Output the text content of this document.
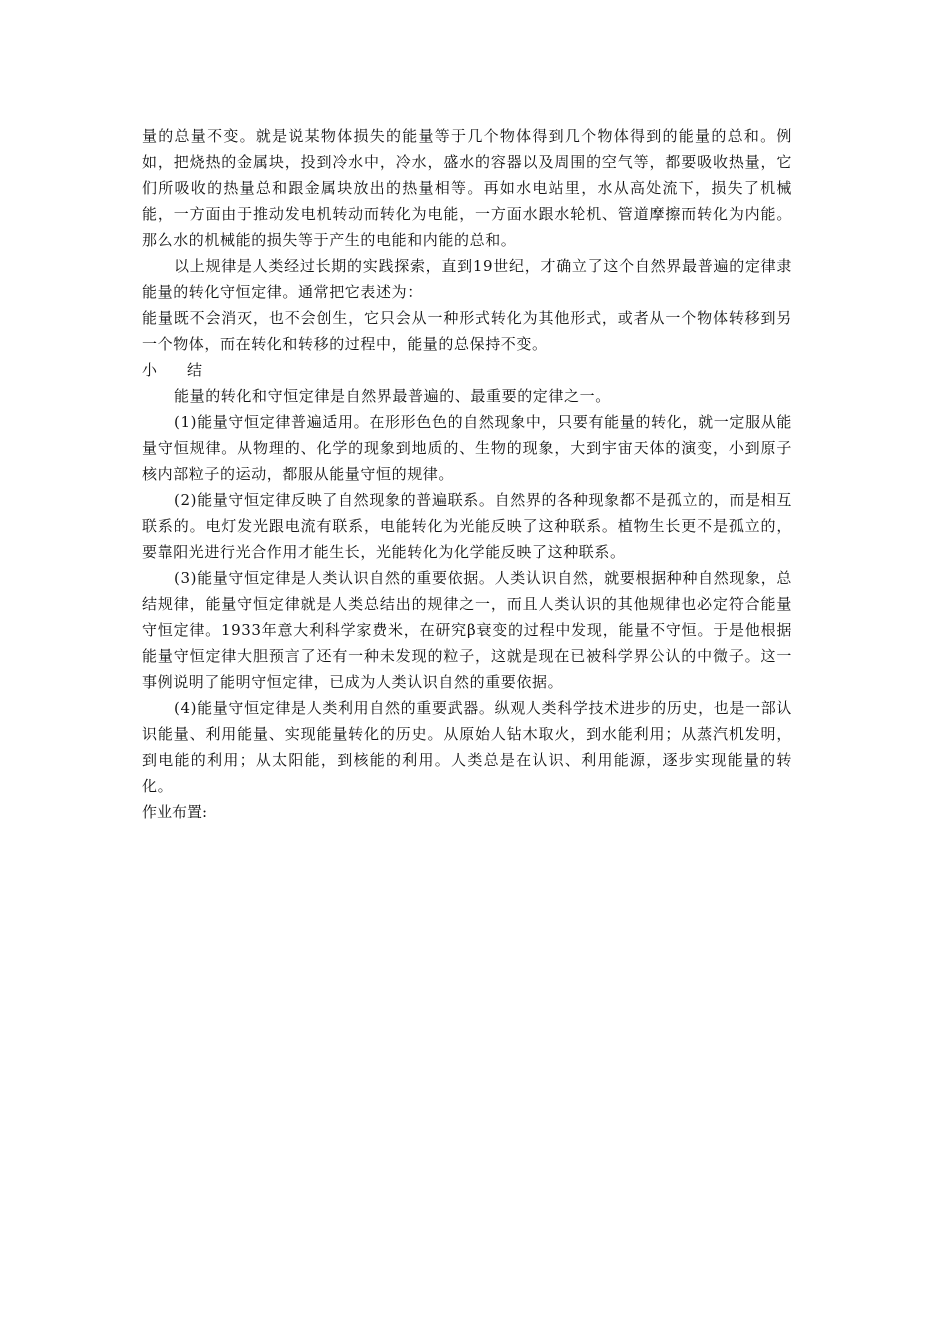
量的总量不变。就是说某物体损失的能量等于几个物体得到几个物体得到的能量的总和。例如，把烧热的金属块，投到冷水中，冷水，盛水的容器以及周围的空气等，都要吸收热量，它们所吸收的热量总和跟金属块放出的热量相等。再如水电站里，水从高处流下，损失了机械能，一方面由于推动发电机转动而转化为电能，一方面水跟水轮机、管道摩擦而转化为内能。那么水的机械能的损失等于产生的电能和内能的总和。

以上规律是人类经过长期的实践探索，直到19世纪，才确立了这个自然界最普遍的定律隶能量的转化守恒定律。通常把它表述为：

能量既不会消灭，也不会创生，它只会从一种形式转化为其他形式，或者从一个物体转移到另一个物体，而在转化和转移的过程中，能量的总保持不变。

小 结

能量的转化和守恒定律是自然界最普遍的、最重要的定律之一。

(1)能量守恒定律普遍适用。在形形色色的自然现象中，只要有能量的转化，就一定服从能量守恒规律。从物理的、化学的现象到地质的、生物的现象，大到宇宙天体的演变，小到原子核内部粒子的运动，都服从能量守恒的规律。

(2)能量守恒定律反映了自然现象的普遍联系。自然界的各种现象都不是孤立的，而是相互联系的。电灯发光跟电流有联系，电能转化为光能反映了这种联系。植物生长更不是孤立的，要靠阳光进行光合作用才能生长，光能转化为化学能反映了这种联系。

(3)能量守恒定律是人类认识自然的重要依据。人类认识自然，就要根据种种自然现象，总结规律，能量守恒定律就是人类总结出的规律之一，而且人类认识的其他规律也必定符合能量守恒定律。1933年意大利科学家费米，在研究β衰变的过程中发现，能量不守恒。于是他根据能量守恒定律大胆预言了还有一种未发现的粒子，这就是现在已被科学界公认的中微子。这一事例说明了能明守恒定律，已成为人类认识自然的重要依据。

(4)能量守恒定律是人类利用自然的重要武器。纵观人类科学技术进步的历史，也是一部认识能量、利用能量、实现能量转化的历史。从原始人钻木取火，到水能利用；从蒸汽机发明，到电能的利用；从太阳能，到核能的利用。人类总是在认识、利用能源，逐步实现能量的转化。

作业布置:
